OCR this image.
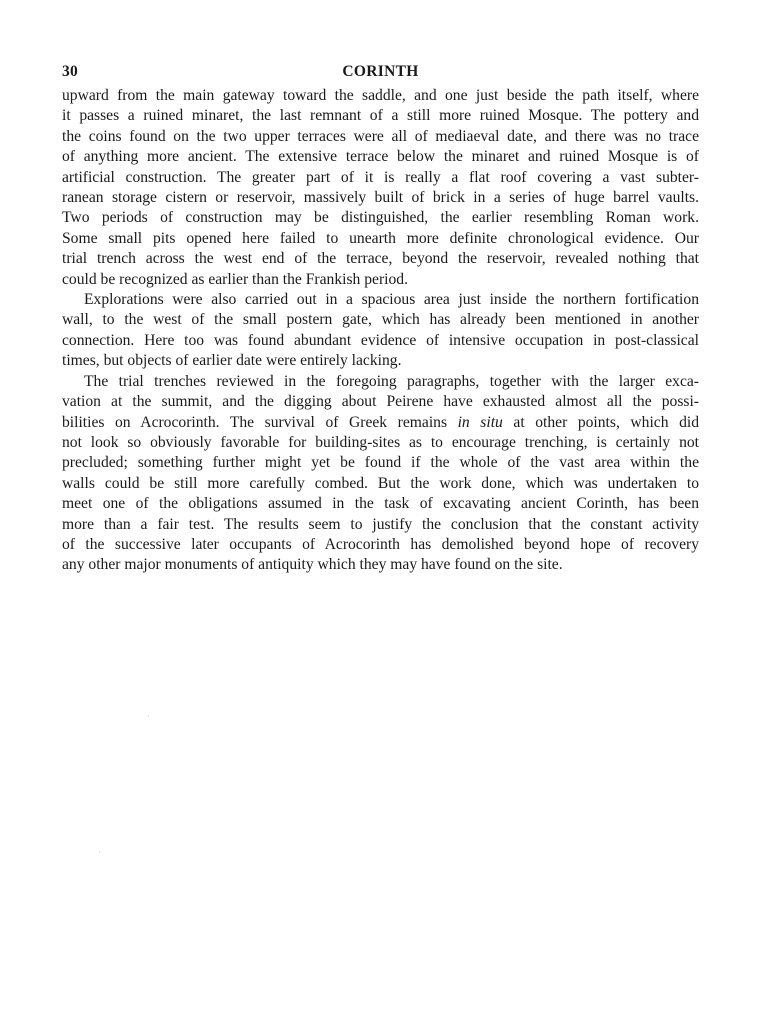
30	CORINTH

upward from the main gateway toward the saddle, and one just beside the path itself, where
it passes a ruined minaret, the last remnant of a still more ruined Mosque. The pottery and
the coins found on the two upper terraces were all of mediaeval date, and there was no trace
of anything more ancient. The extensive terrace below the minaret and ruined Mosque is of
artificial construction. The greater part of it is really a flat roof covering a vast subter-
ranean storage cistern or reservoir, massively built of brick in a series of huge barrel vaults.
Two periods of construction may be distinguished, the earlier resembling Roman work.
Some small pits opened here failed to unearth more definite chronological evidence. Our
trial trench across the west end of the terrace, beyond the reservoir, revealed nothing that
could be recognized as earlier than the Frankish period.

Explorations were also carried out in a spacious area just inside the northern fortification
wall, to the west of the small postern gate, which has already been mentioned in another
connection. Here too was found abundant evidence of intensive occupation in post-classical
times, but objects of earlier date were entirely lacking.

The trial trenches reviewed in the foregoing paragraphs, together with the larger exca-
vation at the summit, and the digging about Peirene have exhausted almost all the possi-
bilities on Acrocorinth. The survival of Greek remains in situ at other points, which did
not look so obviously favorable for building-sites as to encourage trenching, is certainly not
precluded; something further might yet be found if the whole of the vast area within the
walls could be still more carefully combed. But the work done, which was undertaken to
meet one of the obligations assumed in the task of excavating ancient Corinth, has been
more than a fair test. The results seem to justify the conclusion that the constant activity
of the successive later occupants of Acrocorinth has demolished beyond hope of recovery
any other major monuments of antiquity which they may have found on the site.
